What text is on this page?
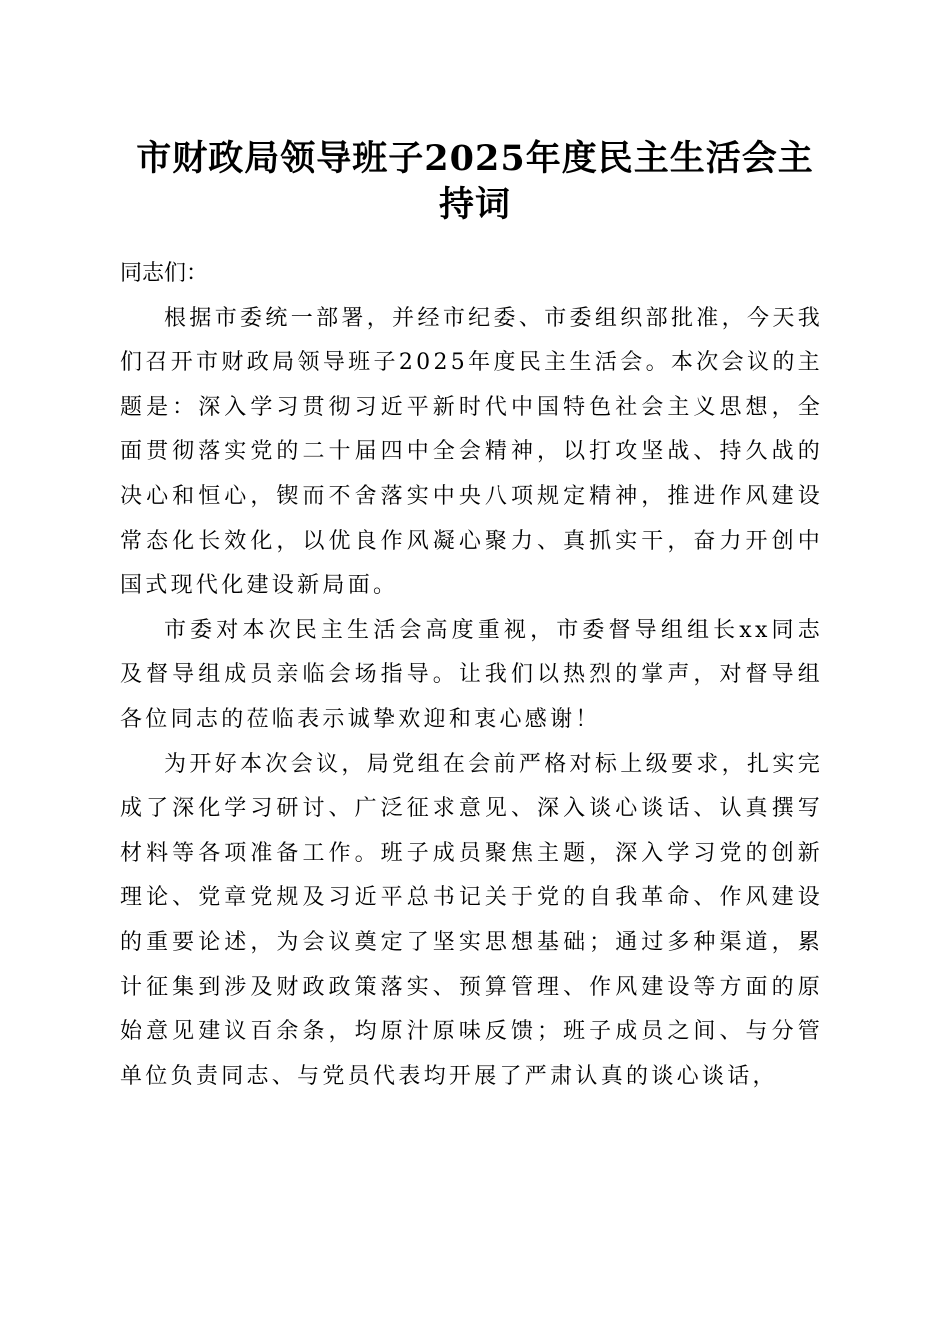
市财政局领导班子2025年度民主生活会主持词

同志们：

根据市委统一部署，并经市纪委、市委组织部批准，今天我们召开市财政局领导班子2025年度民主生活会。本次会议的主题是：深入学习贯彻习近平新时代中国特色社会主义思想，全面贯彻落实党的二十届四中全会精神，以打攻坚战、持久战的决心和恒心，锲而不舍落实中央八项规定精神，推进作风建设常态化长效化，以优良作风凝心聚力、真抓实干，奋力开创中国式现代化建设新局面。

市委对本次民主生活会高度重视，市委督导组组长xx同志及督导组成员亲临会场指导。让我们以热烈的掌声，对督导组各位同志的莅临表示诚挚欢迎和衷心感谢！

为开好本次会议，局党组在会前严格对标上级要求，扎实完成了深化学习研讨、广泛征求意见、深入谈心谈话、认真撰写材料等各项准备工作。班子成员聚焦主题，深入学习党的创新理论、党章党规及习近平总书记关于党的自我革命、作风建设的重要论述，为会议奠定了坚实思想基础；通过多种渠道，累计征集到涉及财政政策落实、预算管理、作风建设等方面的原始意见建议百余条，均原汁原味反馈；班子成员之间、与分管单位负责同志、与党员代表均开展了严肃认真的谈心谈话，
